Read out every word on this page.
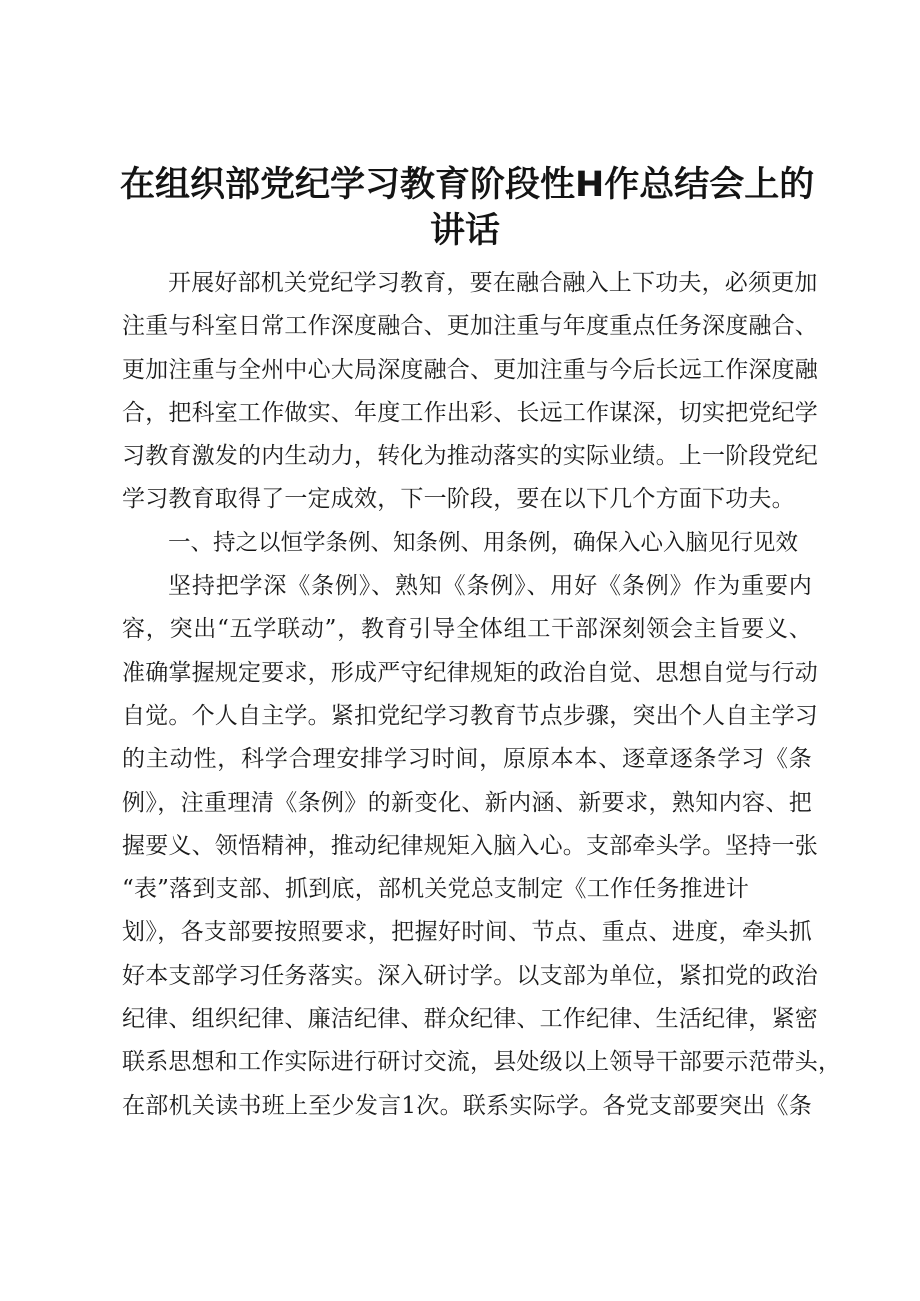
在组织部党纪学习教育阶段性H作总结会上的
讲话
开展好部机关党纪学习教育，要在融合融入上下功夫，必须更加
注重与科室日常工作深度融合、更加注重与年度重点任务深度融合、
更加注重与全州中心大局深度融合、更加注重与今后长远工作深度融
合，把科室工作做实、年度工作出彩、长远工作谋深，切实把党纪学
习教育激发的内生动力，转化为推动落实的实际业绩。上一阶段党纪
学习教育取得了一定成效，下一阶段，要在以下几个方面下功夫。
一、持之以恒学条例、知条例、用条例，确保入心入脑见行见效
坚持把学深《条例》、熟知《条例》、用好《条例》作为重要内
容，突出“五学联动”，教育引导全体组工干部深刻领会主旨要义、
准确掌握规定要求，形成严守纪律规矩的政治自觉、思想自觉与行动
自觉。个人自主学。紧扣党纪学习教育节点步骤，突出个人自主学习
的主动性，科学合理安排学习时间，原原本本、逐章逐条学习《条
例》，注重理清《条例》的新变化、新内涵、新要求，熟知内容、把
握要义、领悟精神，推动纪律规矩入脑入心。支部牵头学。坚持一张
“表”落到支部、抓到底，部机关党总支制定《工作任务推进计
划》，各支部要按照要求，把握好时间、节点、重点、进度，牵头抓
好本支部学习任务落实。深入研讨学。以支部为单位，紧扣党的政治
纪律、组织纪律、廉洁纪律、群众纪律、工作纪律、生活纪律，紧密
联系思想和工作实际进行研讨交流，县处级以上领导干部要示范带头，
在部机关读书班上至少发言1次。联系实际学。各党支部要突出《条
